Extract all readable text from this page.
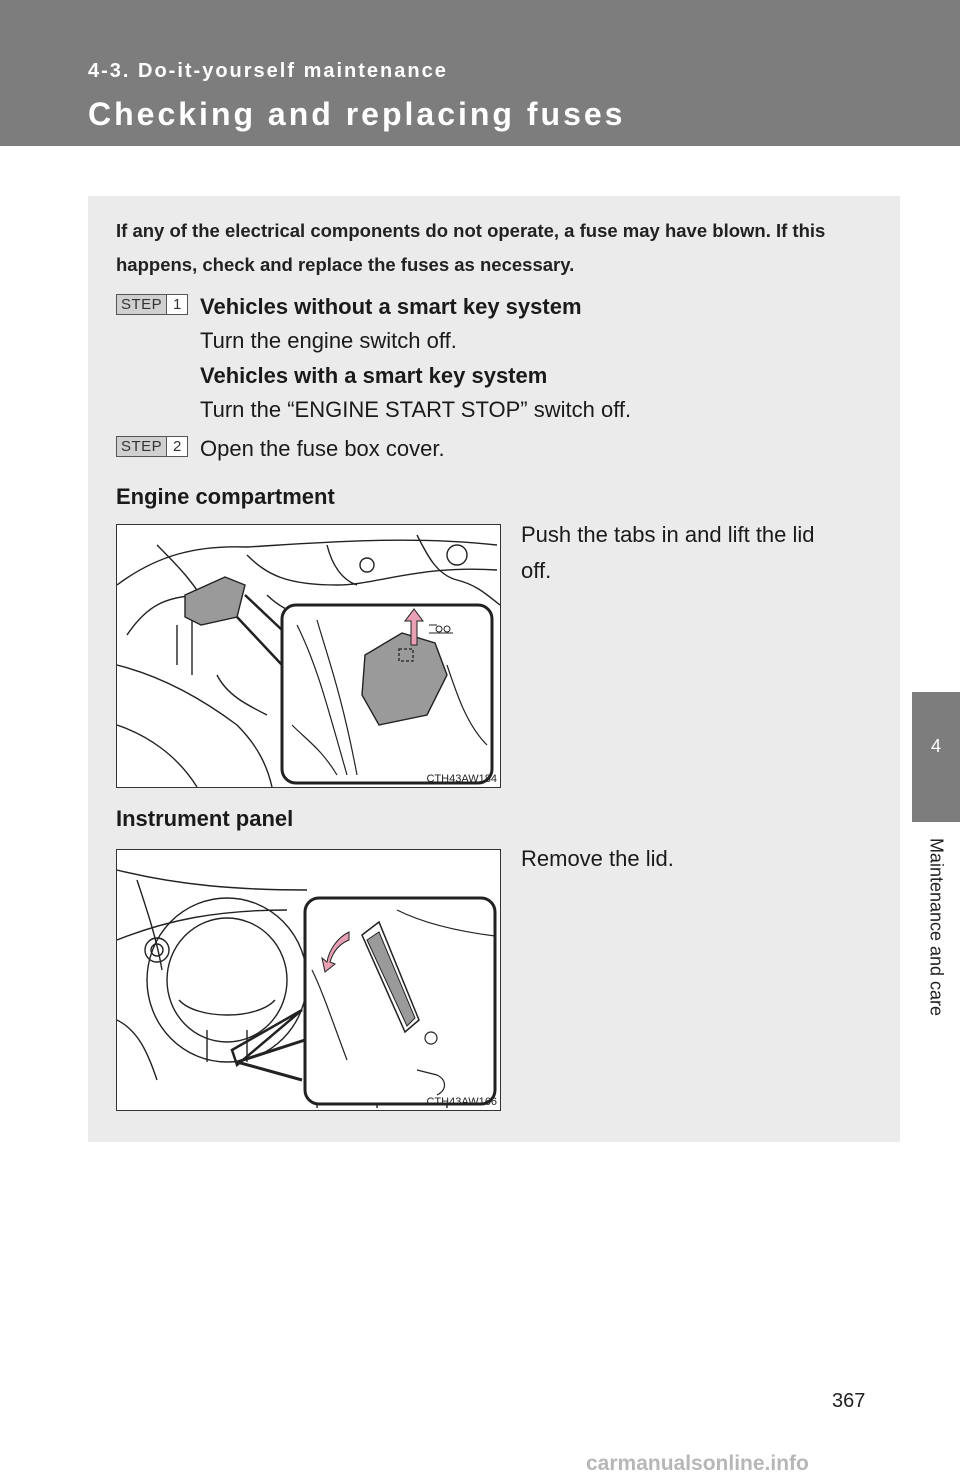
4-3. Do-it-yourself maintenance
Checking and replacing fuses
4
Maintenance and care
If any of the electrical components do not operate, a fuse may have blown. If this happens, check and replace the fuses as necessary.
STEP 1 Vehicles without a smart key system
Turn the engine switch off.
Vehicles with a smart key system
Turn the “ENGINE START STOP” switch off.
STEP 2 Open the fuse box cover.
Engine compartment
Push the tabs in and lift the lid
off.
CTH43AW184
Instrument panel
Remove the lid.
CTH43AW166
367
carmanualsonline.info
